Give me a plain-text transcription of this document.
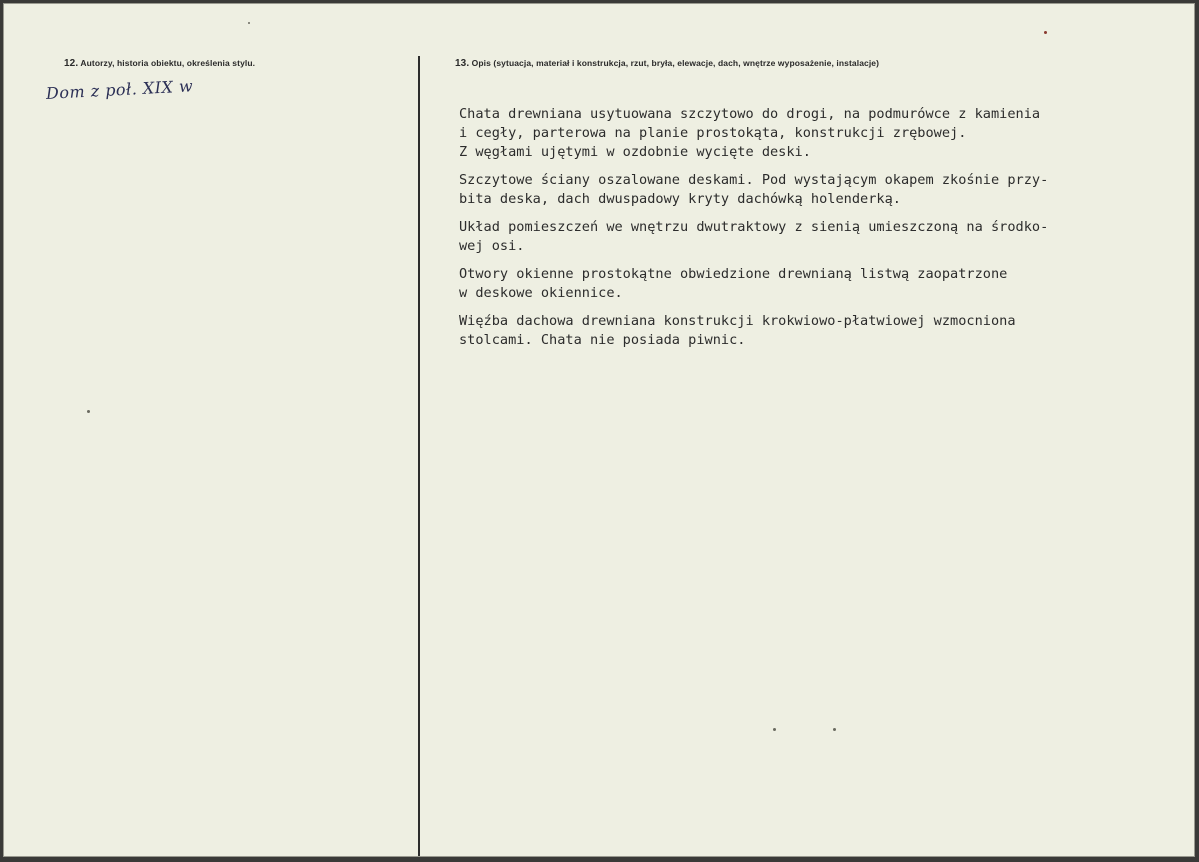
12. Autorzy, historia obiektu, określenia stylu.
Dom z poł. XIX w
13. Opis (sytuacja, materiał i konstrukcja, rzut, bryła, elewacje, dach, wnętrze wyposażenie, instalacje)
Chata drewniana usytuowana szczytowo do drogi, na podmurówce z kamienia
i cegły, parterowa na planie prostokąta, konstrukcji zrębowej.
Z węgłami ujętymi w ozdobnie wycięte deski.
Szczytowe ściany oszalowane deskami. Pod wystającym okapem zkośnie przy-
bita deska, dach dwuspadowy kryty dachówką holenderką.
Układ pomieszczeń we wnętrzu dwutraktowy z sienią umieszczoną na środko-
wej osi.
Otwory okienne prostokątne obwiedzione drewnianą listwą zaopatrzone
w deskowe okiennice.
Więźba dachowa drewniana konstrukcji krokwiowo-płatwiowej wzmocniona
stolcami. Chata nie posiada piwnic.
